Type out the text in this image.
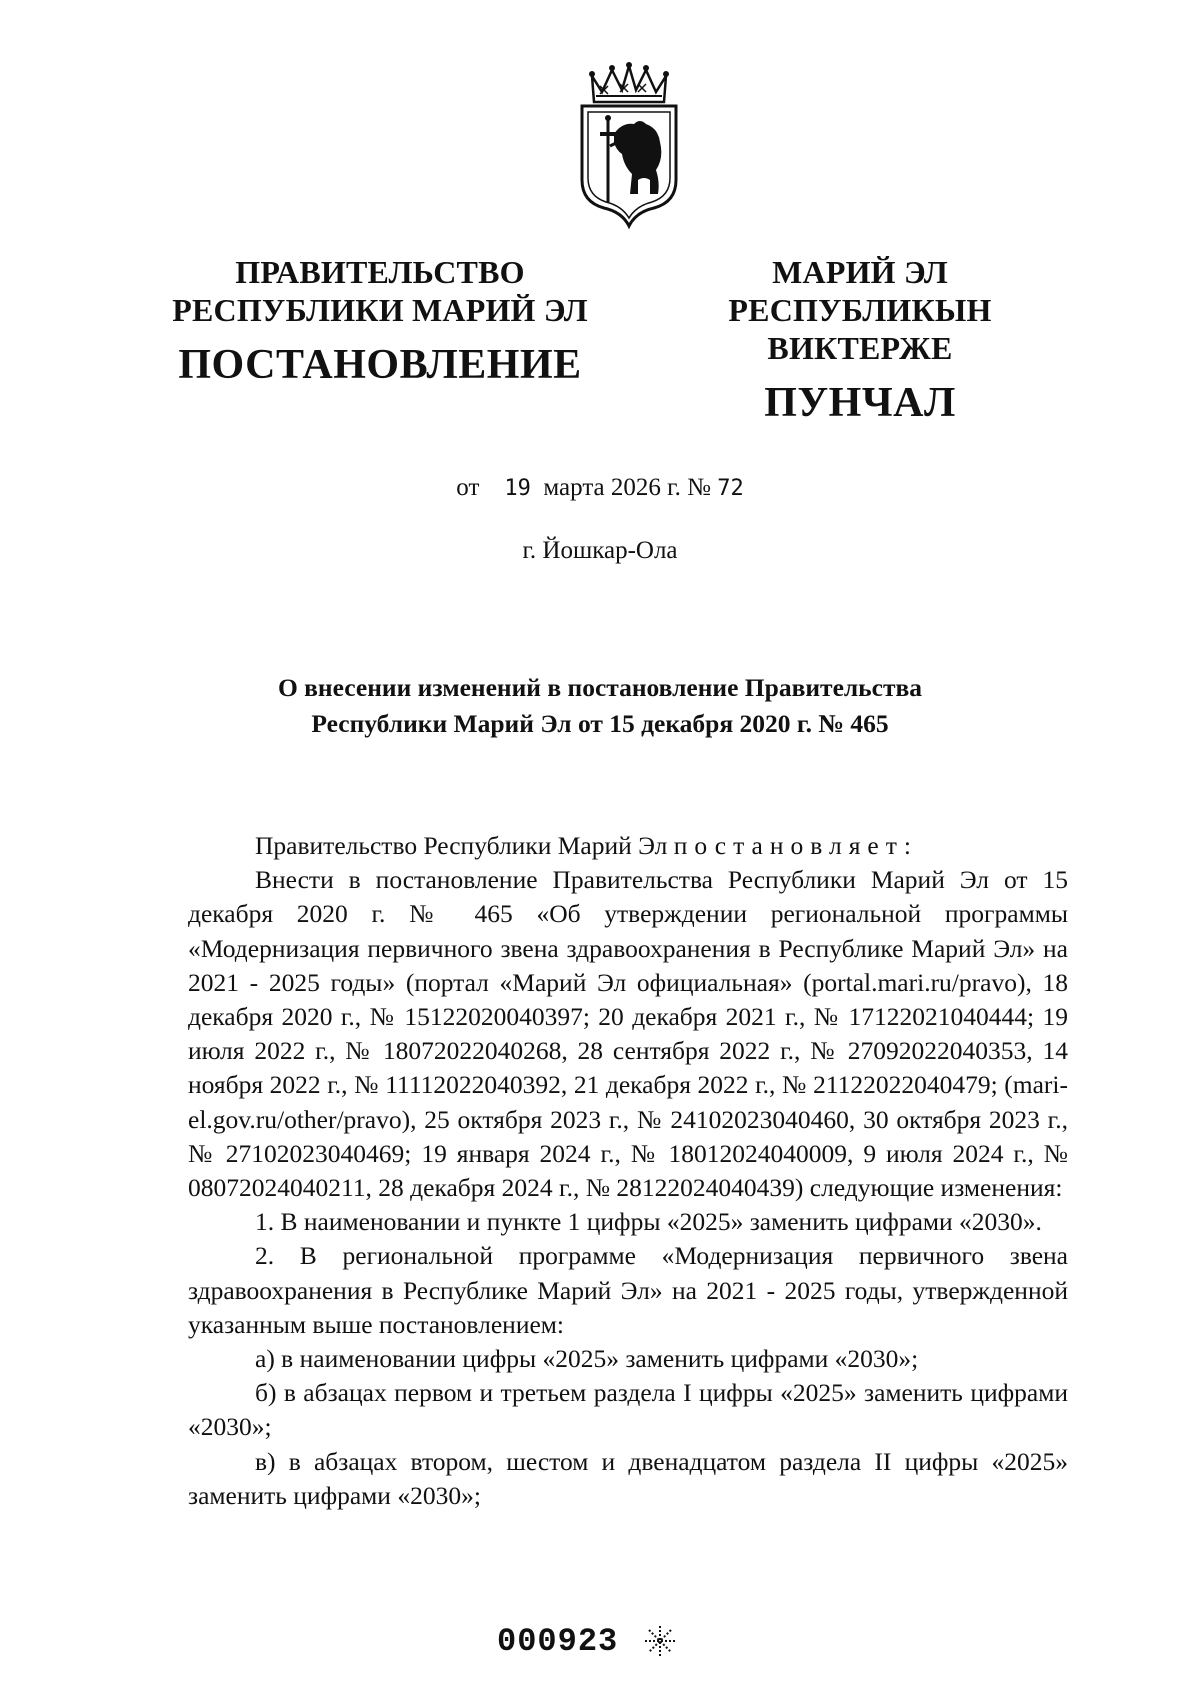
ПРАВИТЕЛЬСТВО
РЕСПУБЛИКИ МАРИЙ ЭЛ
ПОСТАНОВЛЕНИЕ
МАРИЙ ЭЛ РЕСПУБЛИКЫН
ВИКТЕРЖЕ
ПУНЧАЛ
от 19 марта 2026 г. № 72
г. Йошкар-Ола
О внесении изменений в постановление Правительства
Республики Марий Эл от 15 декабря 2020 г. № 465

Правительство Республики Марий Эл постановляет:

Внести в постановление Правительства Республики Марий Эл от 15 декабря 2020 г. № 465 «Об утверждении региональной программы «Модернизация первичного звена здравоохранения в Республике Марий Эл» на 2021 - 2025 годы» (портал «Марий Эл официальная» (portal.mari.ru/pravo), 18 декабря 2020 г., № 15122020040397; 20 декабря 2021 г., № 17122021040444; 19 июля 2022 г., № 18072022040268, 28 сентября 2022 г., № 27092022040353, 14 ноября 2022 г., № 11112022040392, 21 декабря 2022 г., № 21122022040479; (mari-el.gov.ru/other/pravo), 25 октября 2023 г., № 24102023040460, 30 октября 2023 г., № 27102023040469; 19 января 2024 г., № 18012024040009, 9 июля 2024 г., № 08072024040211, 28 декабря 2024 г., № 28122024040439) следующие изменения:

1. В наименовании и пункте 1 цифры «2025» заменить цифрами «2030».

2. В региональной программе «Модернизация первичного звена здравоохранения в Республике Марий Эл» на 2021 - 2025 годы, утвержденной указанным выше постановлением:

а) в наименовании цифры «2025» заменить цифрами «2030»;

б) в абзацах первом и третьем раздела I цифры «2025» заменить цифрами «2030»;

в) в абзацах втором, шестом и двенадцатом раздела II цифры «2025» заменить цифрами «2030»;

000923
